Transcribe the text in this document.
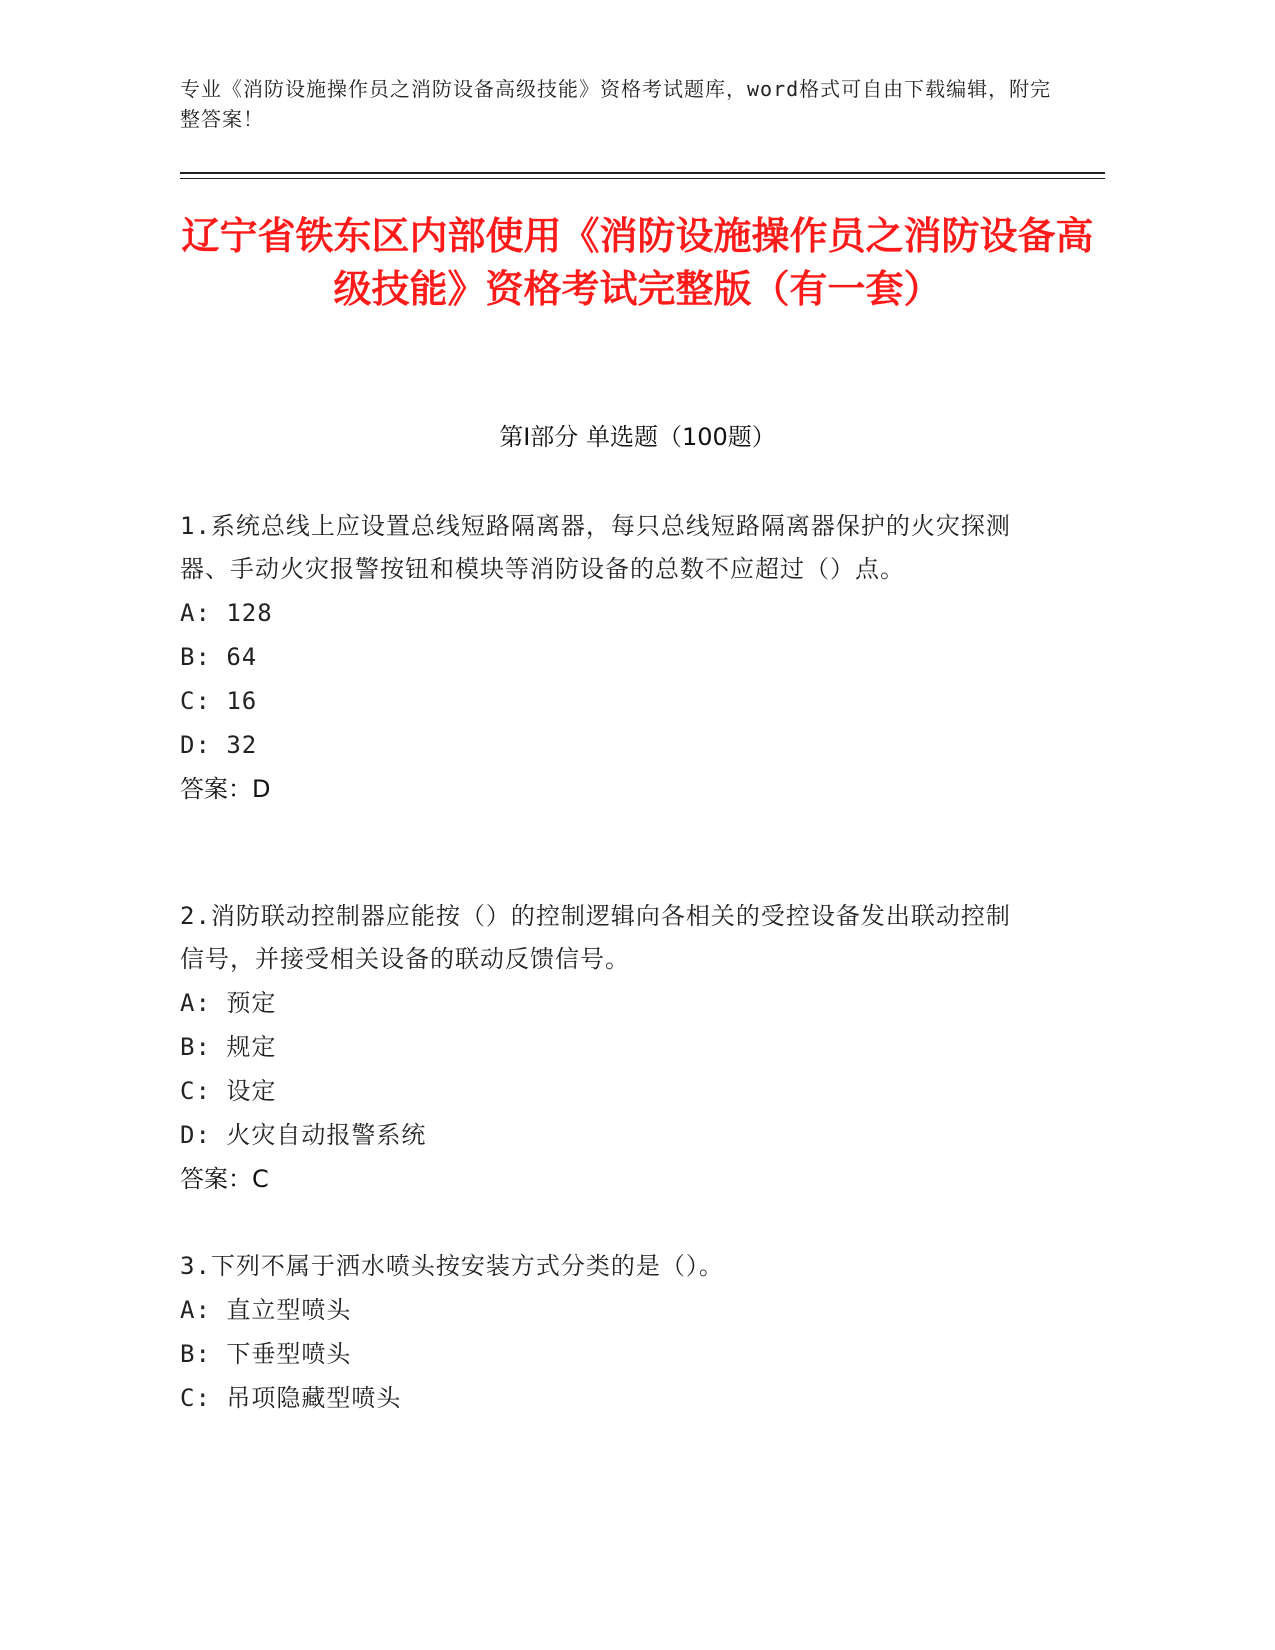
专业《消防设施操作员之消防设备高级技能》资格考试题库，word格式可自由下载编辑，附完整答案！
辽宁省铁东区内部使用《消防设施操作员之消防设备高级技能》资格考试完整版（有一套）
第Ⅰ部分 单选题（100题）
1.系统总线上应设置总线短路隔离器，每只总线短路隔离器保护的火灾探测器、手动火灾报警按钮和模块等消防设备的总数不应超过（）点。
A: 128
B: 64
C: 16
D: 32
答案：D
2.消防联动控制器应能按（）的控制逻辑向各相关的受控设备发出联动控制信号，并接受相关设备的联动反馈信号。
A: 预定
B: 规定
C: 设定
D: 火灾自动报警系统
答案：C
3.下列不属于洒水喷头按安装方式分类的是（）。
A: 直立型喷头
B: 下垂型喷头
C: 吊项隐藏型喷头
